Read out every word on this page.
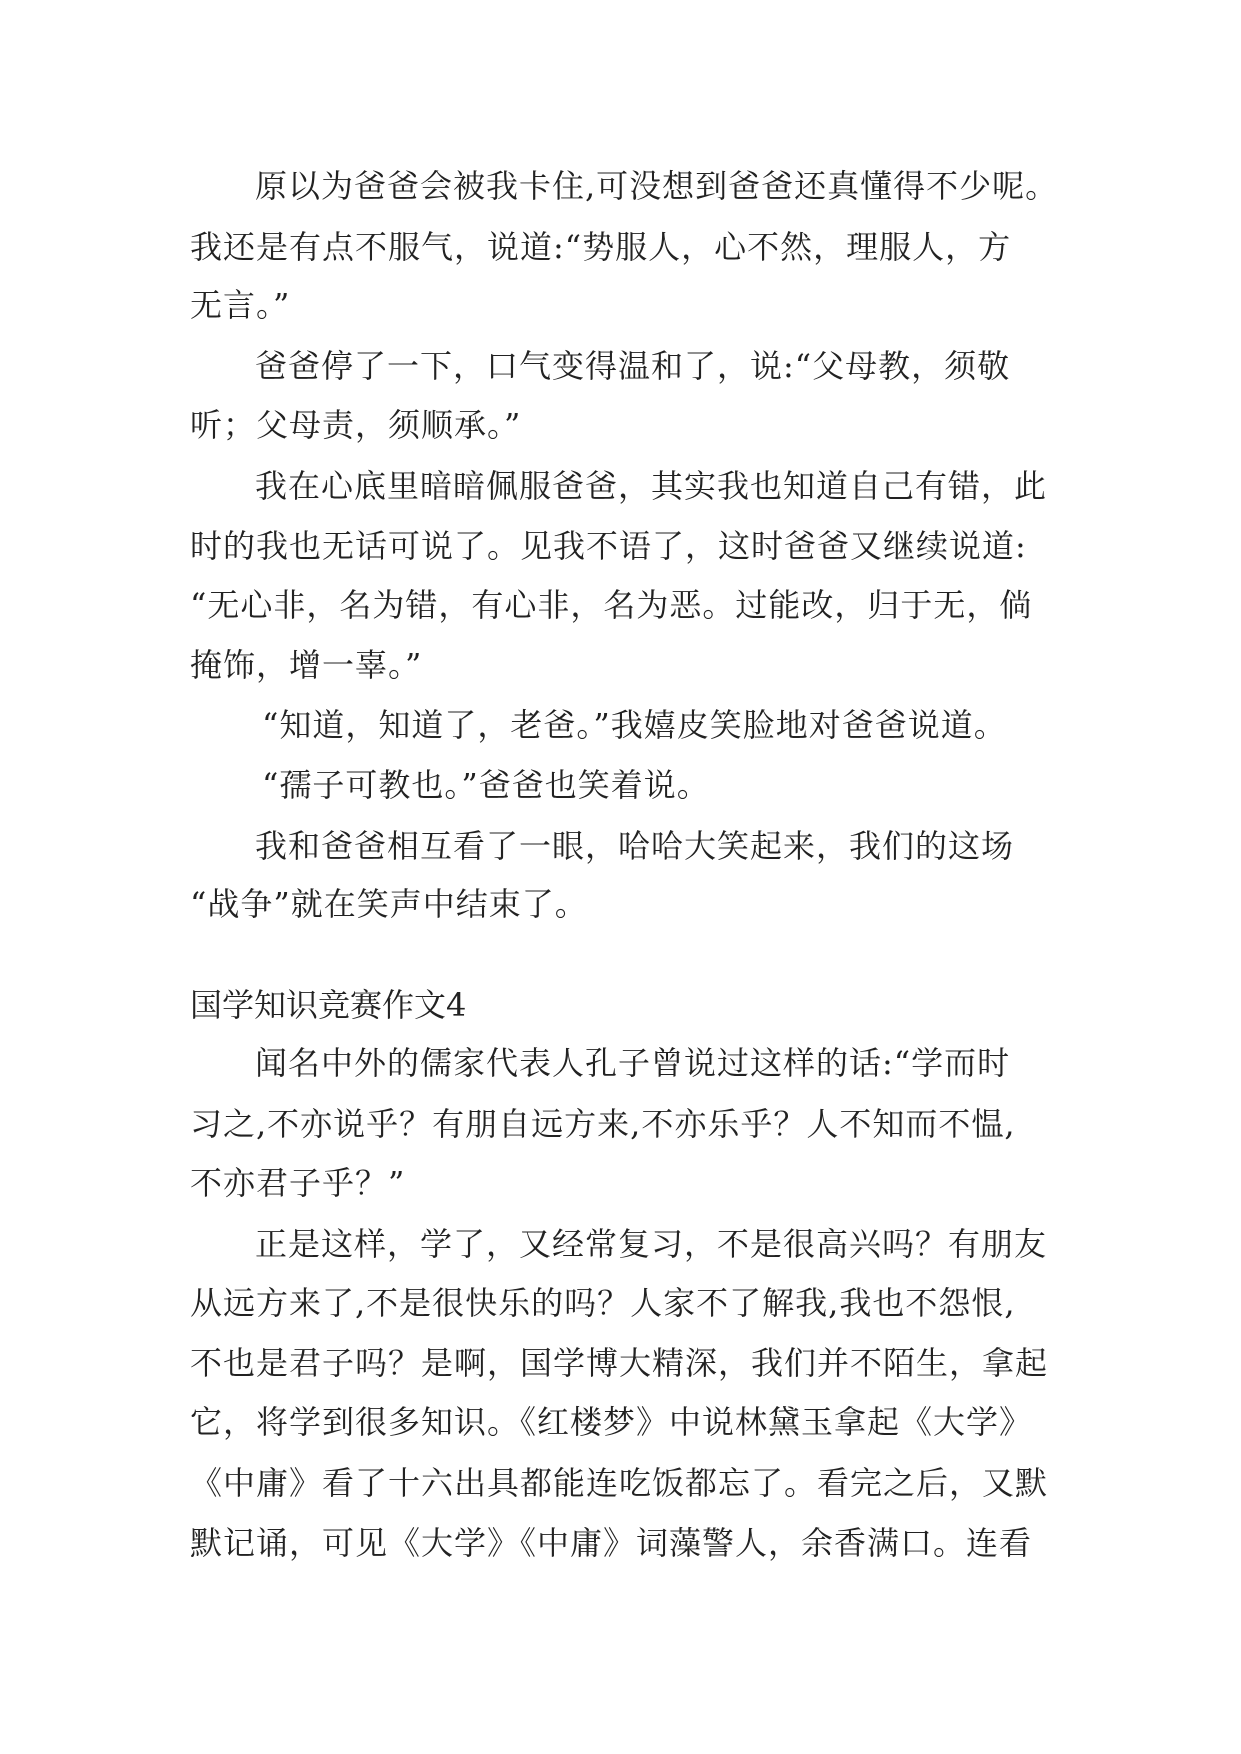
原以为爸爸会被我卡住,可没想到爸爸还真懂得不少呢。
我还是有点不服气，说道:“势服人，心不然，理服人，方
无言。”
爸爸停了一下，口气变得温和了，说:“父母教，须敬
听；父母责，须顺承。”
我在心底里暗暗佩服爸爸，其实我也知道自己有错，此
时的我也无话可说了。见我不语了，这时爸爸又继续说道:
“无心非，名为错，有心非，名为恶。过能改，归于无，倘
掩饰，增一辜。”
“知道，知道了，老爸。”我嬉皮笑脸地对爸爸说道。
“孺子可教也。”爸爸也笑着说。
我和爸爸相互看了一眼，哈哈大笑起来，我们的这场
“战争”就在笑声中结束了。
国学知识竞赛作文4
闻名中外的儒家代表人孔子曾说过这样的话:“学而时
习之,不亦说乎？有朋自远方来,不亦乐乎？人不知而不愠,
不亦君子乎？”
正是这样，学了，又经常复习，不是很高兴吗？有朋友
从远方来了,不是很快乐的吗？人家不了解我,我也不怨恨,
不也是君子吗？是啊，国学博大精深，我们并不陌生，拿起
它，将学到很多知识。《红楼梦》中说林黛玉拿起《大学》
《中庸》看了十六出具都能连吃饭都忘了。看完之后，又默
默记诵，可见《大学》《中庸》词藻警人，余香满口。连看
